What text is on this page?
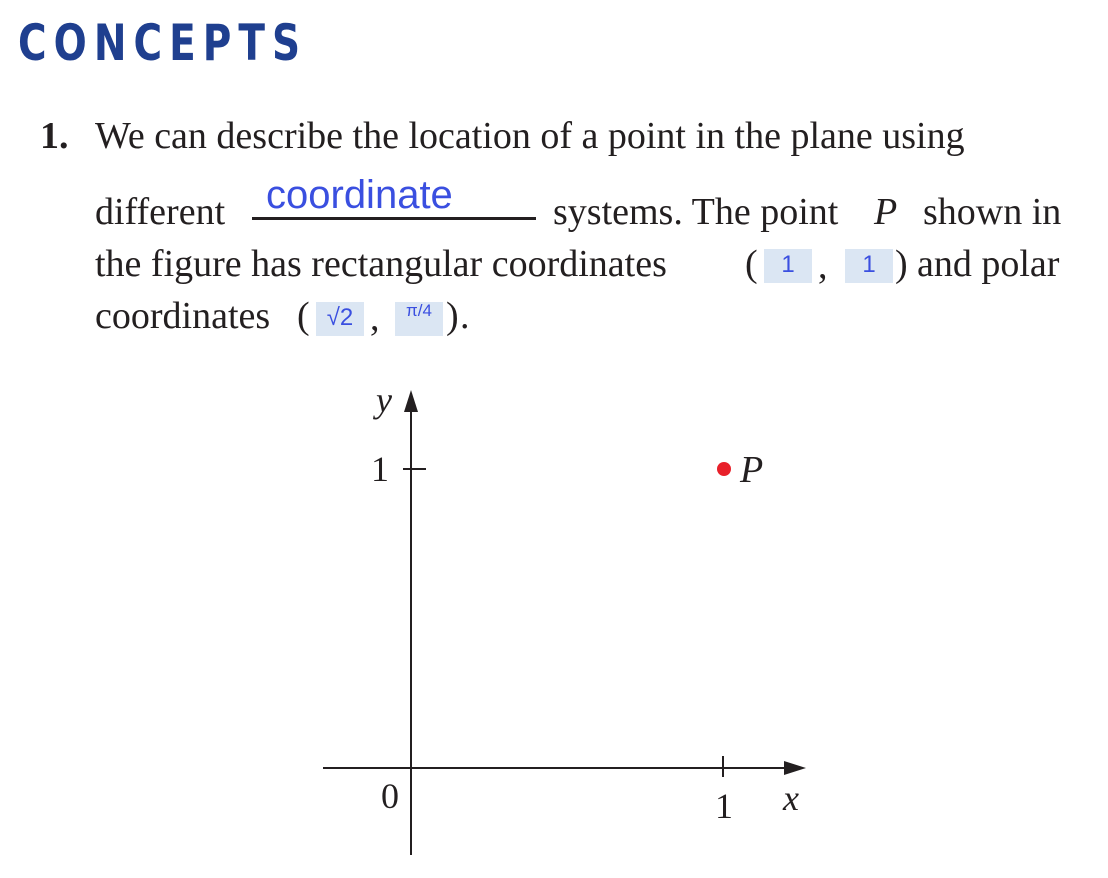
CONCEPTS
1. We can describe the location of a point in the plane using
different coordinate	systems. The point P shown in
the figure has rectangular coordinates ( 1 ,	1 ) and polar
coordinates ( √2 ,	π/4 ) .
y
1
0	1 x
P
